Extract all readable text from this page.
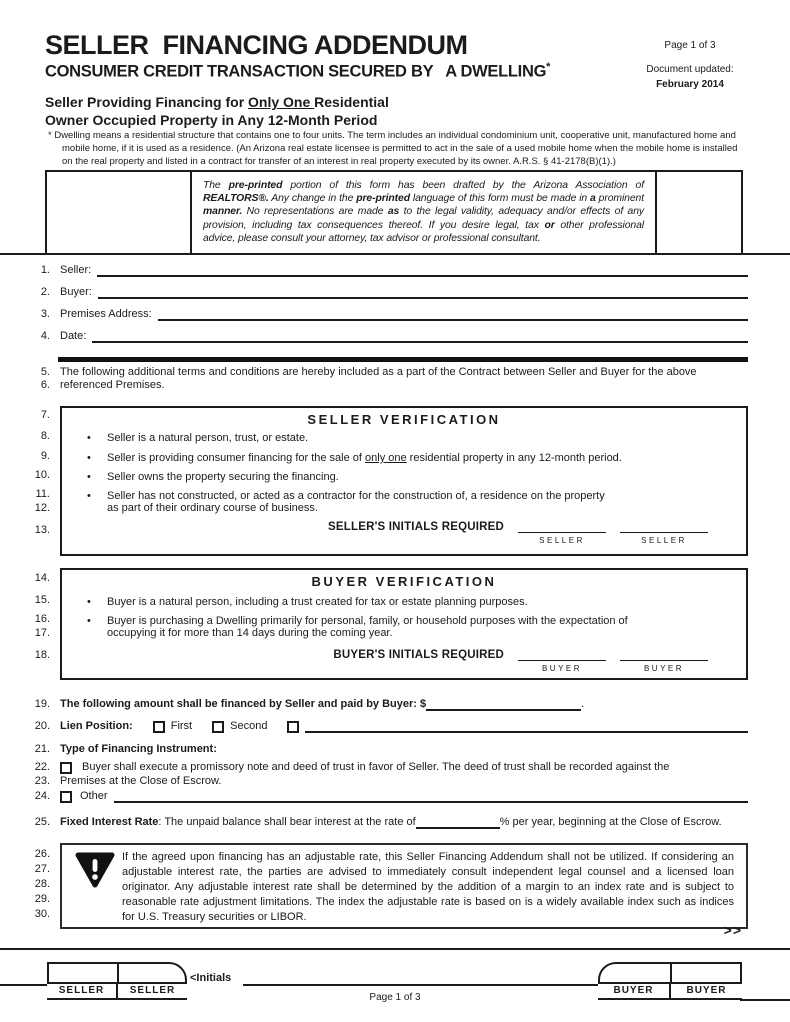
SELLER  FINANCING ADDENDUM
CONSUMER CREDIT TRANSACTION SECURED BY   A DWELLING*
Page 1 of 3
Document updated:
February 2014
Seller Providing Financing for Only One Residential
Owner Occupied Property in Any 12-Month Period
* Dwelling means a residential structure that contains one to four units. The term includes an individual condominium unit, cooperative unit, manufactured home and mobile home, if it is used as a residence. (An Arizona real estate licensee is permitted to act in the sale of a used mobile home when the mobile home is installed on the real property and listed in a contract for transfer of an interest in real property executed by its owner. A.R.S. § 41-2178(B)(1).)
The pre-printed portion of this form has been drafted by the Arizona Association of REALTORS®. Any change in the pre-printed language of this form must be made in a prominent manner. No representations are made as to the legal validity, adequacy and/or effects of any provision, including tax consequences thereof. If you desire legal, tax or other professional advice, please consult your attorney, tax advisor or professional consultant.
1. Seller:
2. Buyer:
3. Premises Address:
4. Date:
5. The following additional terms and conditions are hereby included as a part of the Contract between Seller and Buyer for the above
6. referenced Premises.
7.
8.
9.
10.
11.
12.
13.
SELLER VERIFICATION
• Seller is a natural person, trust, or estate.
• Seller is providing consumer financing for the sale of only one residential property in any 12-month period.
• Seller owns the property securing the financing.
• Seller has not constructed, or acted as a contractor for the construction of, a residence on the property
as part of their ordinary course of business.
SELLER'S INITIALS REQUIRED
SELLER	SELLER
14.
15.
16.
17.
18.
BUYER VERIFICATION
• Buyer is a natural person, including a trust created for tax or estate planning purposes.
• Buyer is purchasing a Dwelling primarily for personal, family, or household purposes with the expectation of
occupying it for more than 14 days during the coming year.
BUYER'S INITIALS REQUIRED
BUYER	BUYER
19. The following amount shall be financed by Seller and paid by Buyer: $	.
20. Lien Position:	First	Second
21. Type of Financing Instrument:
22.	Buyer shall execute a promissory note and deed of trust in favor of Seller. The deed of trust shall be recorded against the
23. Premises at the Close of Escrow.
24.	Other
25. Fixed Interest Rate : The unpaid balance shall bear interest at the rate of	% per year, beginning at the Close of Escrow.
26.
27.
28.
29.
30.
If the agreed upon financing has an adjustable rate, this Seller Financing Addendum shall not be utilized. If considering an adjustable interest rate, the parties are advised to immediately consult independent legal counsel and a licensed loan originator. Any adjustable interest rate shall be determined by the addition of a margin to an index rate and is subject to reasonable rate adjustment limitations. The index the adjustable rate is based on is a widely available index such as indices for U.S. Treasury securities or LIBOR.
>>
SELLER	SELLER
<Initials
Page 1 of 3
BUYER	BUYER
